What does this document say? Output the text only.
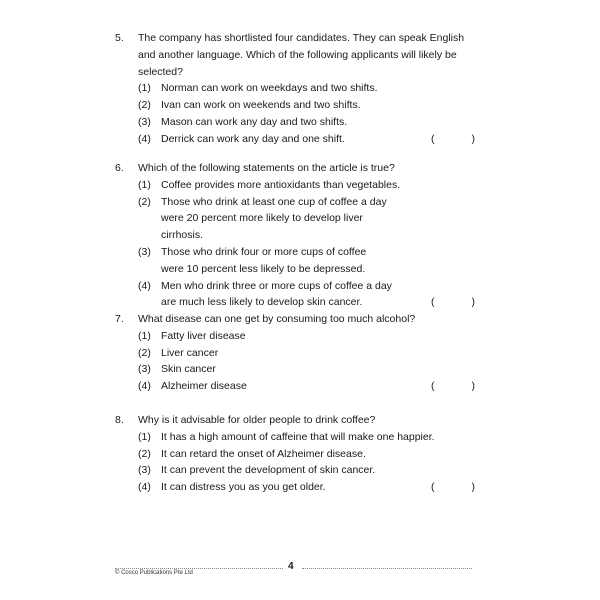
5.	The company has shortlisted four candidates. They can speak English and another language. Which of the following applicants will likely be selected?
(1) Norman can work on weekdays and two shifts.
(2) Ivan can work on weekends and two shifts.
(3) Mason can work any day and two shifts.
(4) Derrick can work any day and one shift.	(	)
6.	Which of the following statements on the article is true?
(1) Coffee provides more antioxidants than vegetables.
(2) Those who drink at least one cup of coffee a day were 20 percent more likely to develop liver cirrhosis.
(3) Those who drink four or more cups of coffee were 10 percent less likely to be depressed.
(4) Men who drink three or more cups of coffee a day are much less likely to develop skin cancer.	(	)
7.	What disease can one get by consuming too much alcohol?
(1) Fatty liver disease
(2) Liver cancer
(3) Skin cancer
(4) Alzheimer disease	(	)
8.	Why is it advisable for older people to drink coffee?
(1) It has a high amount of caffeine that will make one happier.
(2) It can retard the onset of Alzheimer disease.
(3) It can prevent the development of skin cancer.
(4) It can distress you as you get older.	(	)
4
© Cosco Publications Pte Ltd
